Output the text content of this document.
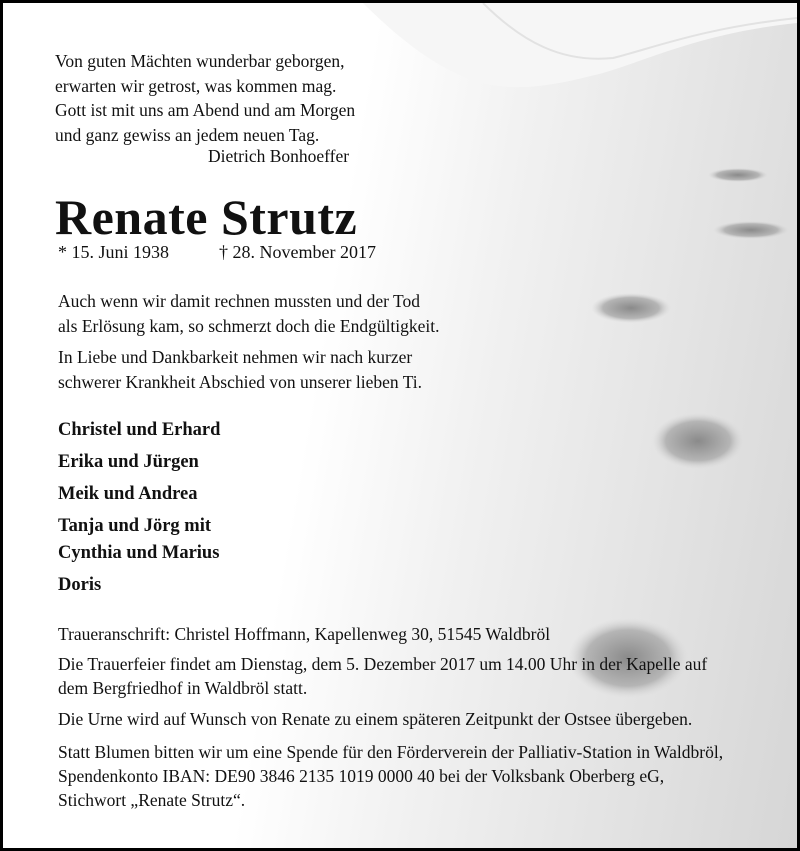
Von guten Mächten wunderbar geborgen,
erwarten wir getrost, was kommen mag.
Gott ist mit uns am Abend und am Morgen
und ganz gewiss an jedem neuen Tag.
Dietrich Bonhoeffer
Renate Strutz
* 15. Juni 1938	† 28. November 2017
Auch wenn wir damit rechnen mussten und der Tod
als Erlösung kam, so schmerzt doch die Endgültigkeit.
In Liebe und Dankbarkeit nehmen wir nach kurzer
schwerer Krankheit Abschied von unserer lieben Ti.
Christel und Erhard
Erika und Jürgen
Meik und Andrea
Tanja und Jörg mit
Cynthia und Marius
Doris
Traueranschrift: Christel Hoffmann, Kapellenweg 30, 51545 Waldbröl
Die Trauerfeier findet am Dienstag, dem 5. Dezember 2017 um 14.00 Uhr in der Kapelle auf
dem Bergfriedhof in Waldbröl statt.
Die Urne wird auf Wunsch von Renate zu einem späteren Zeitpunkt der Ostsee übergeben.
Statt Blumen bitten wir um eine Spende für den Förderverein der Palliativ-Station in Waldbröl,
Spendenkonto IBAN: DE90 3846 2135 1019 0000 40 bei der Volksbank Oberberg eG,
Stichwort „Renate Strutz“.
